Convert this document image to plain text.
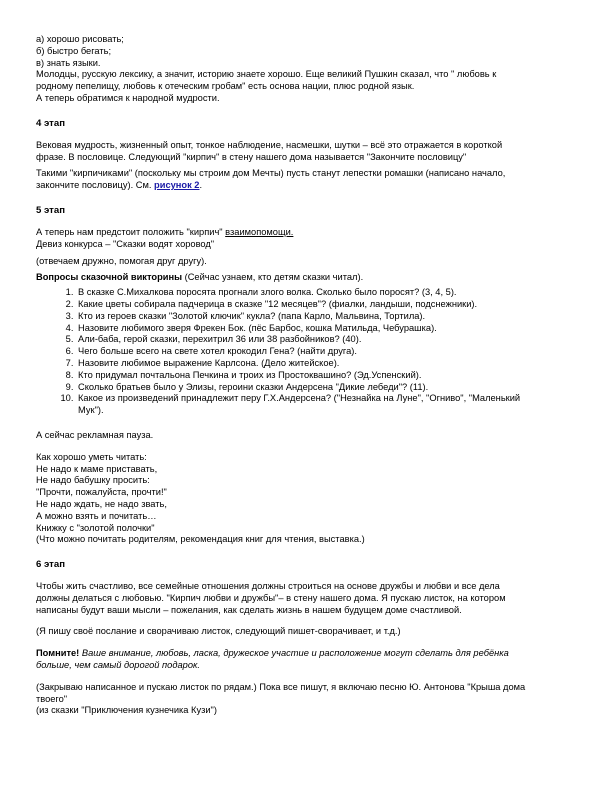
а) хорошо рисовать;
б) быстро бегать;
в) знать языки.
Молодцы, русскую лексику, а значит, историю знаете хорошо. Еще великий Пушкин сказал, что " любовь к
родному пепелищу, любовь к отеческим гробам" есть основа нации, плюс родной язык.
А теперь обратимся к народной мудрости.
4 этап
Вековая мудрость, жизненный опыт, тонкое наблюдение, насмешки, шутки – всё это отражается в короткой
фразе. В пословице. Следующий "кирпич" в стену нашего дома называется "Закончите пословицу"
Такими "кирпичиками" (поскольку мы строим дом Мечты) пусть станут лепестки ромашки (написано начало,
закончите пословицу). См. рисунок 2.
5 этап
А теперь нам предстоит положить "кирпич" взаимопомощи.
Девиз конкурса – "Сказки водят хоровод"
(отвечаем дружно, помогая друг другу).
Вопросы сказочной викторины (Сейчас узнаем, кто детям сказки читал).
1. В сказке С.Михалкова поросята прогнали злого волка. Сколько было поросят? (3, 4, 5).
2. Какие цветы собирала падчерица в сказке "12 месяцев"? (фиалки, ландыши, подснежники).
3. Кто из героев сказки "Золотой ключик" кукла? (папа Карло, Мальвина, Тортила).
4. Назовите любимого зверя Фрекен Бок. (пёс Барбос, кошка Матильда, Чебурашка).
5. Али-баба, герой сказки, перехитрил 36 или 38 разбойников? (40).
6. Чего больше всего на свете хотел крокодил Гена? (найти друга).
7. Назовите любимое выражение Карлсона. (Дело житейское).
8. Кто придумал почтальона Печкина и троих из Простоквашино? (Эд.Успенский).
9. Сколько братьев было у Элизы, героини сказки Андерсена "Дикие лебеди"? (11).
10. Какое из произведений принадлежит перу Г.Х.Андерсена? ("Незнайка на Луне", "Огниво", "Маленький
Мук").
А сейчас рекламная пауза.
Как хорошо уметь читать:
Не надо к маме приставать,
Не надо бабушку просить:
"Прочти, пожалуйста, прочти!"
Не надо ждать, не надо звать,
А можно взять и почитать…
Книжку с "золотой полочки"
(Что можно почитать родителям, рекомендация книг для чтения, выставка.)
6 этап
Чтобы жить счастливо, все семейные отношения должны строиться на основе дружбы и любви и все дела
должны делаться с любовью. "Кирпич любви и дружбы"– в стену нашего дома. Я пускаю листок, на котором
написаны будут ваши мысли – пожелания, как сделать жизнь в нашем будущем доме счастливой.
(Я пишу своё послание и сворачиваю листок, следующий пишет-сворачивает, и т.д.)
Помните! Ваше внимание, любовь, ласка, дружеское участие и расположение могут сделать для ребёнка
больше, чем самый дорогой подарок.
(Закрываю написанное и пускаю листок по рядам.) Пока все пишут, я включаю песню Ю. Антонова "Крыша дома
твоего"
(из сказки "Приключения кузнечика Кузи")
